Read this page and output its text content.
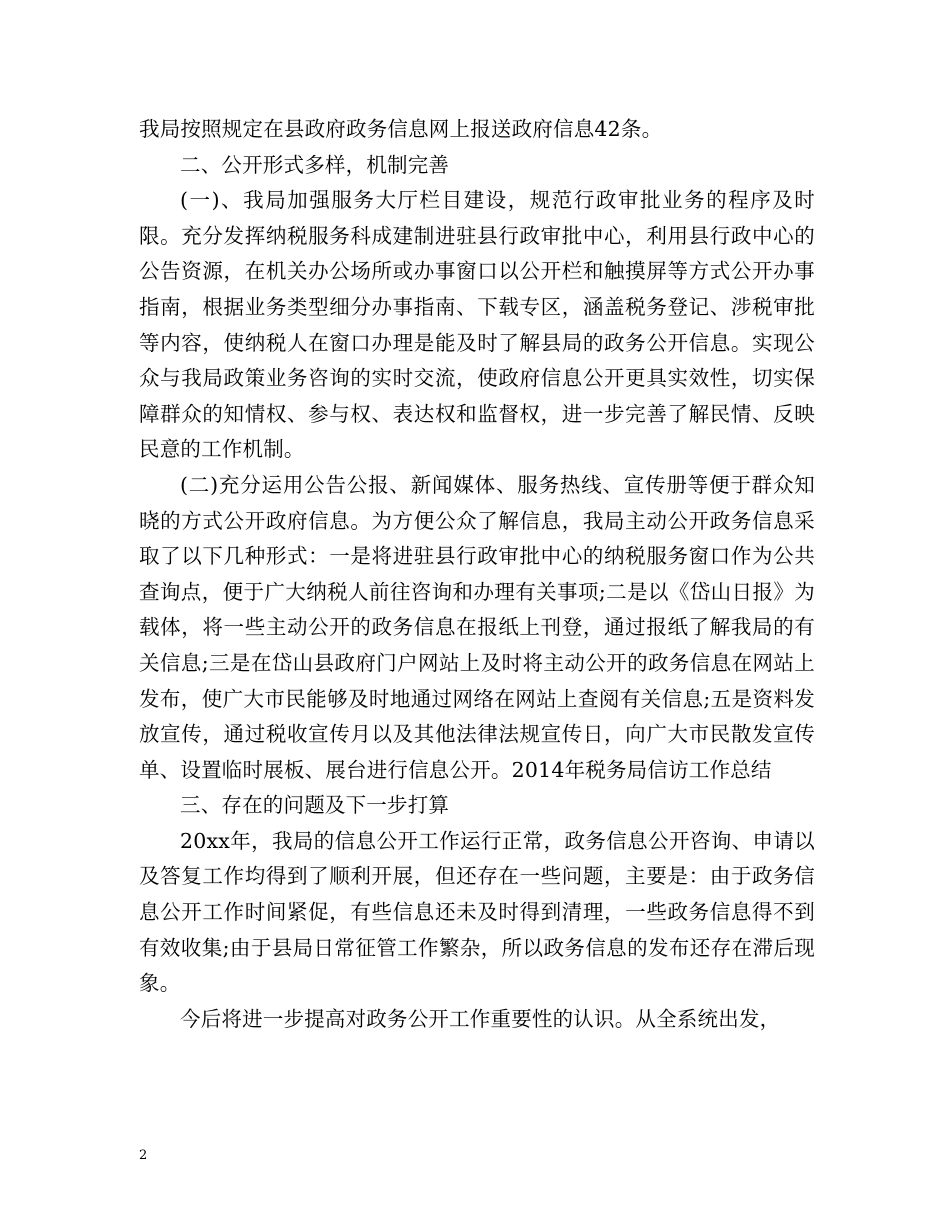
我局按照规定在县政府政务信息网上报送政府信息42条。

二、公开形式多样，机制完善

(一)、我局加强服务大厅栏目建设，规范行政审批业务的程序及时限。充分发挥纳税服务科成建制进驻县行政审批中心，利用县行政中心的公告资源，在机关办公场所或办事窗口以公开栏和触摸屏等方式公开办事指南，根据业务类型细分办事指南、下载专区，涵盖税务登记、涉税审批等内容，使纳税人在窗口办理是能及时了解县局的政务公开信息。实现公众与我局政策业务咨询的实时交流，使政府信息公开更具实效性，切实保障群众的知情权、参与权、表达权和监督权，进一步完善了解民情、反映民意的工作机制。

(二)充分运用公告公报、新闻媒体、服务热线、宣传册等便于群众知晓的方式公开政府信息。为方便公众了解信息，我局主动公开政务信息采取了以下几种形式：一是将进驻县行政审批中心的纳税服务窗口作为公共查询点，便于广大纳税人前往咨询和办理有关事项;二是以《岱山日报》为载体，将一些主动公开的政务信息在报纸上刊登，通过报纸了解我局的有关信息;三是在岱山县政府门户网站上及时将主动公开的政务信息在网站上发布，使广大市民能够及时地通过网络在网站上查阅有关信息;五是资料发放宣传，通过税收宣传月以及其他法律法规宣传日，向广大市民散发宣传单、设置临时展板、展台进行信息公开。2014年税务局信访工作总结

三、存在的问题及下一步打算

20xx年，我局的信息公开工作运行正常，政务信息公开咨询、申请以及答复工作均得到了顺利开展，但还存在一些问题，主要是：由于政务信息公开工作时间紧促，有些信息还未及时得到清理，一些政务信息得不到有效收集;由于县局日常征管工作繁杂，所以政务信息的发布还存在滞后现象。

今后将进一步提高对政务公开工作重要性的认识。从全系统出发，

2
